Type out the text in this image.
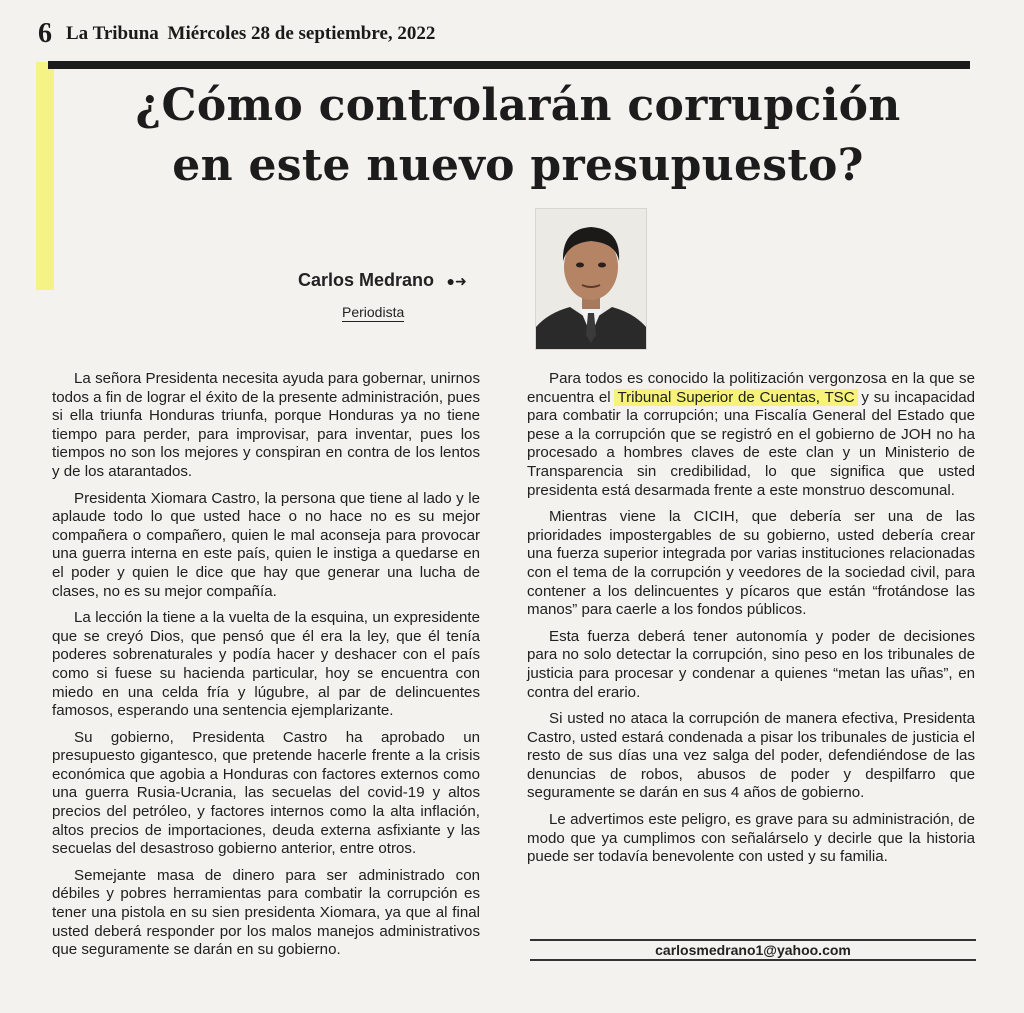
6 La Tribuna Miércoles 28 de septiembre, 2022
¿Cómo controlarán corrupción
en este nuevo presupuesto?
Carlos Medrano ●➜
Periodista

La señora Presidenta necesita ayuda para gobernar, unirnos todos a fin de lograr el éxito de la presente administración, pues si ella triunfa Honduras triunfa, porque Honduras ya no tiene tiempo para perder, para improvisar, para inventar, pues los tiempos no son los mejores y conspiran en contra de los lentos y de los atarantados.

Presidenta Xiomara Castro, la persona que tiene al lado y le aplaude todo lo que usted hace o no hace no es su mejor compañera o compañero, quien le mal aconseja para provocar una guerra interna en este país, quien le instiga a quedarse en el poder y quien le dice que hay que generar una lucha de clases, no es su mejor compañía.

La lección la tiene a la vuelta de la esquina, un expresidente que se creyó Dios, que pensó que él era la ley, que él tenía poderes sobrenaturales y podía hacer y deshacer con el país como si fuese su hacienda particular, hoy se encuentra con miedo en una celda fría y lúgubre, al par de delincuentes famosos, esperando una sentencia ejemplarizante.

Su gobierno, Presidenta Castro ha aprobado un presupuesto gigantesco, que pretende hacerle frente a la crisis económica que agobia a Honduras con factores externos como una guerra Rusia-Ucrania, las secuelas del covid-19 y altos precios del petróleo, y factores internos como la alta inflación, altos precios de importaciones, deuda externa asfixiante y las secuelas del desastroso gobierno anterior, entre otros.

Semejante masa de dinero para ser administrado con débiles y pobres herramientas para combatir la corrupción es tener una pistola en su sien presidenta Xiomara, ya que al final usted deberá responder por los malos manejos administrativos que seguramente se darán en su gobierno.

Para todos es conocido la politización vergonzosa en la que se encuentra el Tribunal Superior de Cuentas, TSC y su incapacidad para combatir la corrupción; una Fiscalía General del Estado que pese a la corrupción que se registró en el gobierno de JOH no ha procesado a hombres claves de este clan y un Ministerio de Transparencia sin credibilidad, lo que significa que usted presidenta está desarmada frente a este monstruo descomunal.

Mientras viene la CICIH, que debería ser una de las prioridades impostergables de su gobierno, usted debería crear una fuerza superior integrada por varias instituciones relacionadas con el tema de la corrupción y veedores de la sociedad civil, para contener a los delincuentes y pícaros que están “frotándose las manos” para caerle a los fondos públicos.

Esta fuerza deberá tener autonomía y poder de decisiones para no solo detectar la corrupción, sino peso en los tribunales de justicia para procesar y condenar a quienes “metan las uñas”, en contra del erario.

Si usted no ataca la corrupción de manera efectiva, Presidenta Castro, usted estará condenada a pisar los tribunales de justicia el resto de sus días una vez salga del poder, defendiéndose de las denuncias de robos, abusos de poder y despilfarro que seguramente se darán en sus 4 años de gobierno.

Le advertimos este peligro, es grave para su administración, de modo que ya cumplimos con señalárselo y decirle que la historia puede ser todavía benevolente con usted y su familia.

carlosmedrano1@yahoo.com
